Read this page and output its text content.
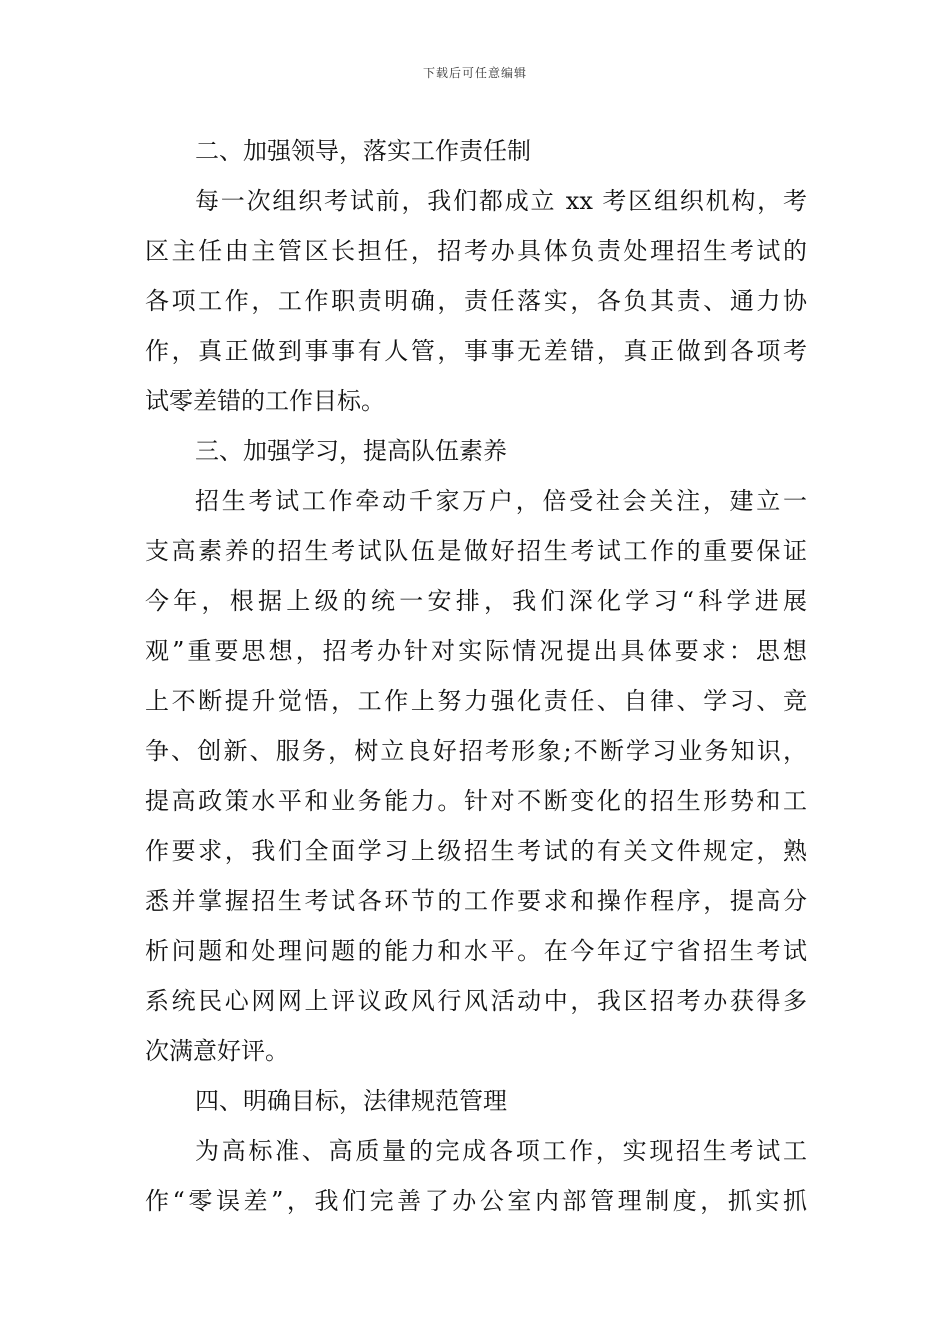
下载后可任意编辑
二、加强领导，落实工作责任制
每一次组织考试前，我们都成立 xx 考区组织机构，考
区主任由主管区长担任，招考办具体负责处理招生考试的
各项工作，工作职责明确，责任落实，各负其责、通力协
作，真正做到事事有人管，事事无差错，真正做到各项考
试零差错的工作目标。
三、加强学习，提高队伍素养
招生考试工作牵动千家万户，倍受社会关注，建立一
支高素养的招生考试队伍是做好招生考试工作的重要保证
今年，根据上级的统一安排，我们深化学习“科学进展
观”重要思想，招考办针对实际情况提出具体要求：思想
上不断提升觉悟，工作上努力强化责任、自律、学习、竞
争、创新、服务，树立良好招考形象;不断学习业务知识，
提高政策水平和业务能力。针对不断变化的招生形势和工
作要求，我们全面学习上级招生考试的有关文件规定，熟
悉并掌握招生考试各环节的工作要求和操作程序，提高分
析问题和处理问题的能力和水平。在今年辽宁省招生考试
系统民心网网上评议政风行风活动中，我区招考办获得多
次满意好评。
四、明确目标，法律规范管理
为高标准、高质量的完成各项工作，实现招生考试工
作“零误差”，我们完善了办公室内部管理制度，抓实抓
